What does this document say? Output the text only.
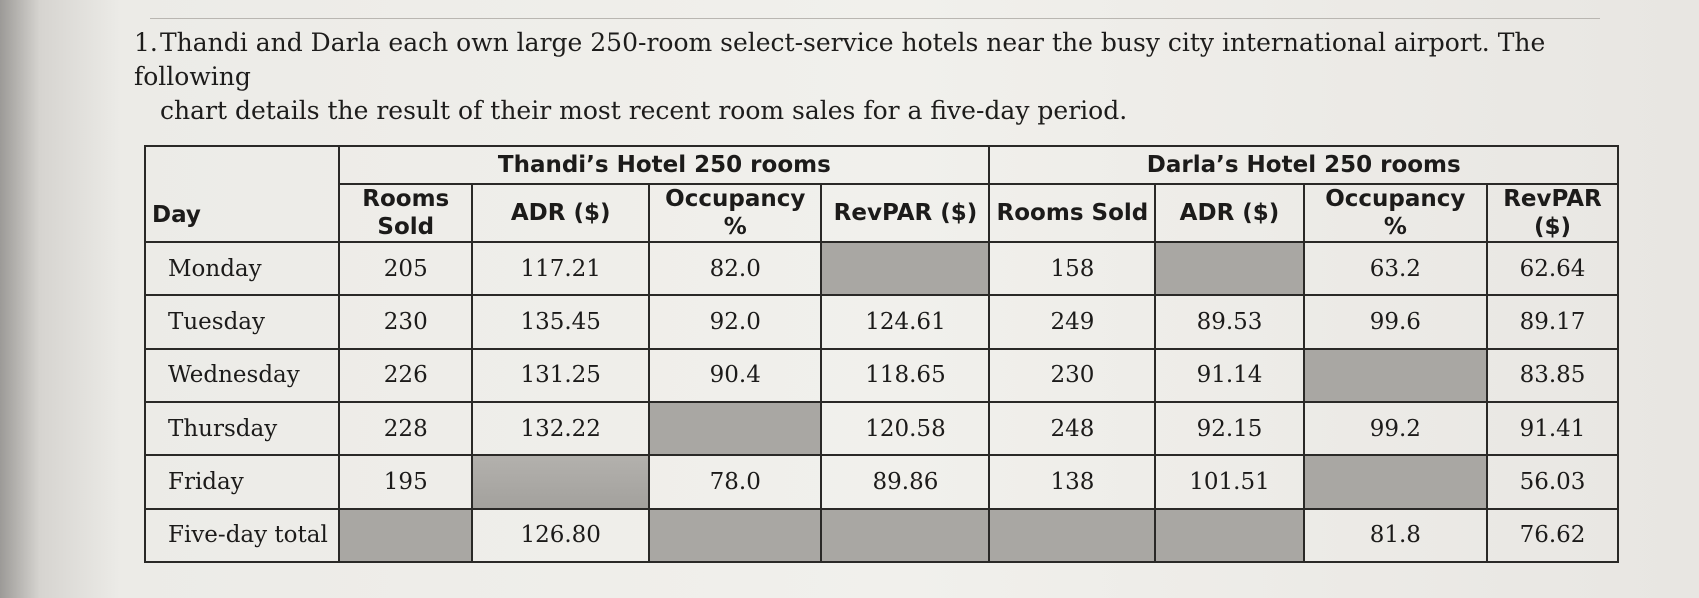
1.Thandi and Darla each own large 250-room select-service hotels near the busy city international airport. The following
chart details the result of their most recent room sales for a five-day period.
Day	Thandi’s Hotel 250 rooms				Darla’s Hotel 250 rooms			
	Rooms Sold	ADR ($)	Occupancy %	RevPAR ($)	Rooms Sold	ADR ($)	Occupancy %	RevPAR ($)
Monday	205	117.21	82.0		158		63.2	62.64
Tuesday	230	135.45	92.0	124.61	249	89.53	99.6	89.17
Wednesday	226	131.25	90.4	118.65	230	91.14		83.85
Thursday	228	132.22		120.58	248	92.15	99.2	91.41
Friday	195		78.0	89.86	138	101.51		56.03
Five-day total		126.80					81.8	76.62
